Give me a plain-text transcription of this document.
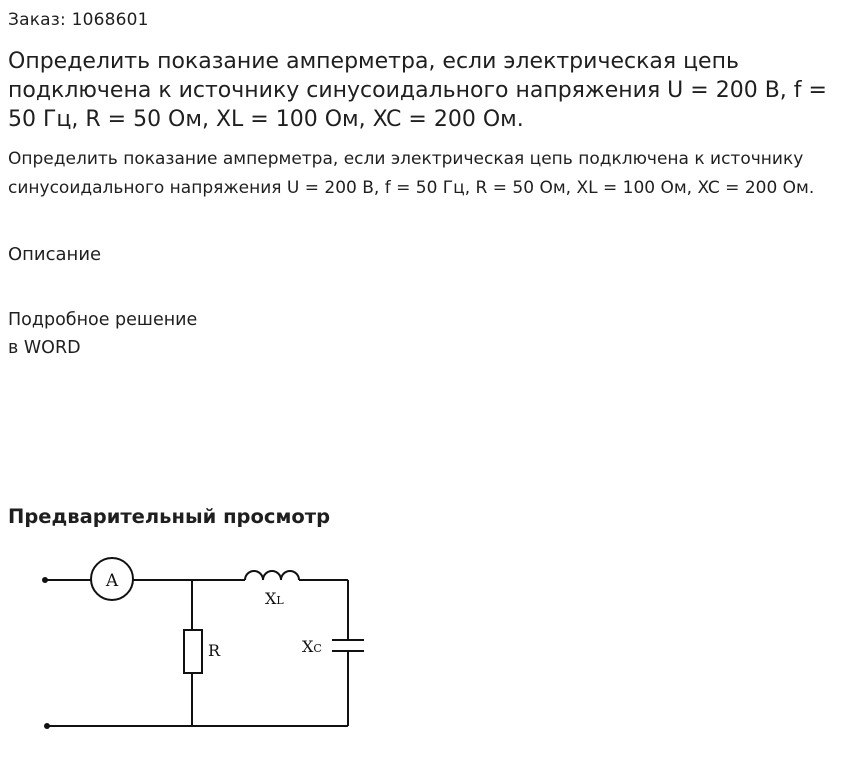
Заказ: 1068601
Определить показание амперметра, если электрическая цепь подключена к источнику синусоидального напряжения U = 200 В, f = 50 Гц, R = 50 Ом, XL = 100 Ом, XC = 200 Ом.
Определить показание амперметра, если электрическая цепь подключена к источнику синусоидального напряжения U = 200 В, f = 50 Гц, R = 50 Ом, XL = 100 Ом, XC = 200 Ом.
Описание
Подробное решение
в WORD
Предварительный просмотр
A
XL
XC
R
